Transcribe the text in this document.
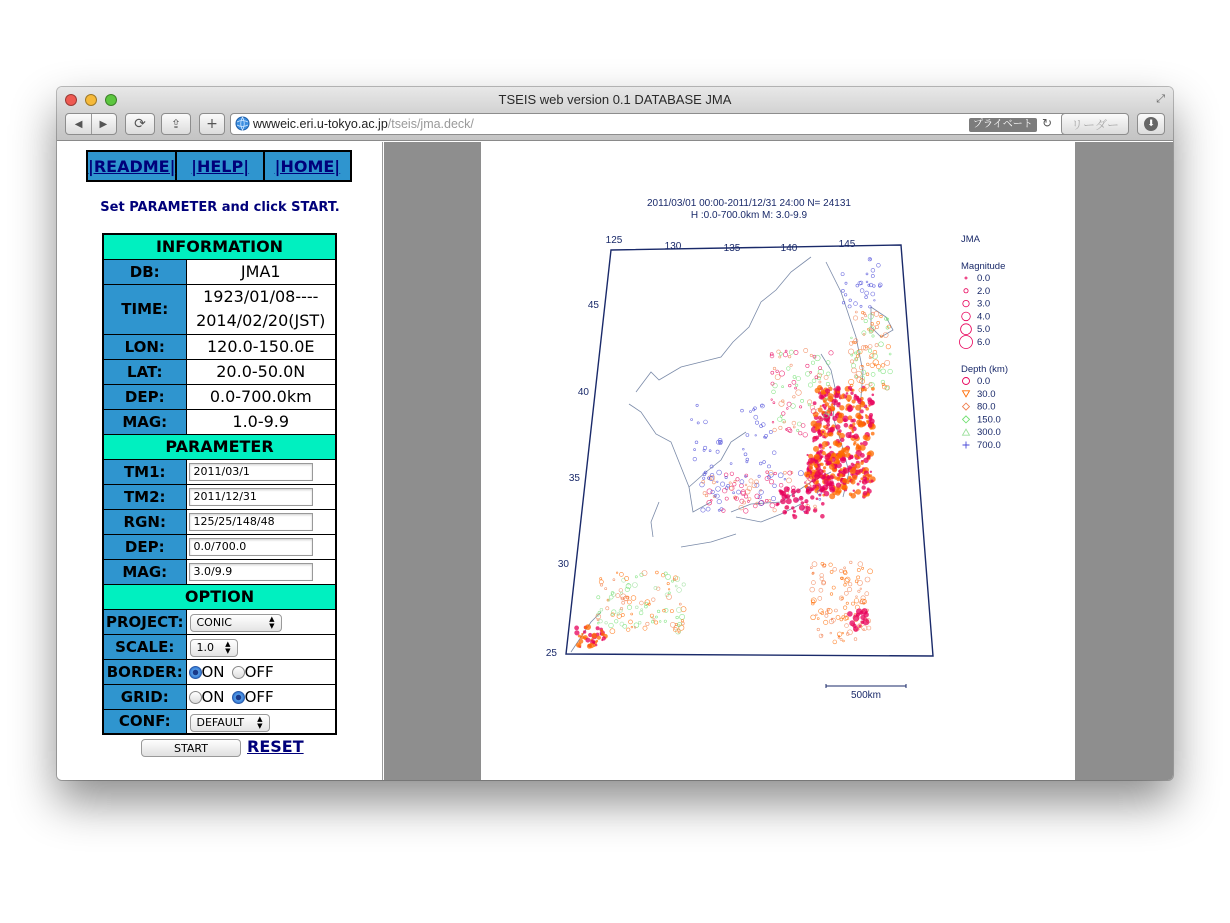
TSEIS web version 0.1 DATABASE JMA	⤢
◀ ▶ ⟳ ⇪ +	wwweic.eri.u-tokyo.ac.jp/tseis/jma.deck/	プライベート ↻	リーダー	⬇
|README| |HELP| |HOME|
Set PARAMETER and click START.
INFORMATION	
DB:	JMA1
TIME:	1923/01/08----
2014/02/20(JST)

LON:	120.0-150.0E
LAT:	20.0-50.0N
DEP:	0.0-700.0km
MAG:	1.0-9.9
PARAMETER	
TM1:	
2011/03/1
TM2:	
2011/12/31
RGN:	
125/25/148/48
DEP:	
0.0/700.0
MAG:	
3.0/9.9
OPTION	
PROJECT:	CONIC ▲
▼

SCALE:	1.0 ▲
▼

BORDER:	ON OFF
GRID:	ON OFF
CONF:	DEFAULT ▲
▼
START	RESET
2011/03/01 00:00-2011/12/31 24:00 N= 24131
H :0.0-700.0km M: 3.0-9.9
125
130	135	140	145
45
40
35
30
25
JMA
Magnitude
0.0
2.0
3.0
4.0
5.0
6.0
Depth (km)
0.0
30.0
80.0
150.0
300.0
700.0
500km
